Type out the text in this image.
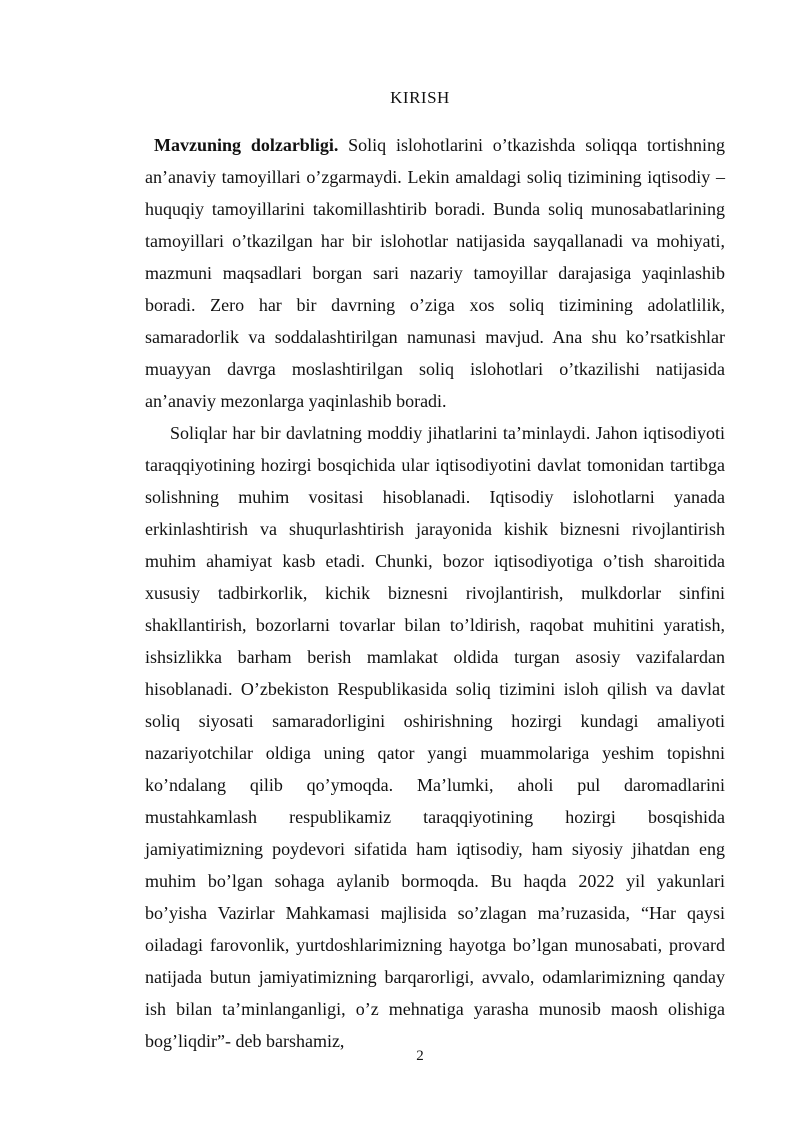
KIRISH

Mavzuning dolzarbligi. Soliq islohotlarini o’tkazishda soliqqa tortishning an’anaviy tamoyillari o’zgarmaydi. Lekin amaldagi soliq tizimining iqtisodiy – huquqiy tamoyillarini takomillashtirib boradi. Bunda soliq munosabatlarining tamoyillari o’tkazilgan har bir islohotlar natijasida sayqallanadi va mohiyati, mazmuni maqsadlari borgan sari nazariy tamoyillar darajasiga yaqinlashib boradi. Zero har bir davrning o’ziga xos soliq tizimining adolatlilik, samaradorlik va soddalashtirilgan namunasi mavjud. Ana shu ko’rsatkishlar muayyan davrga moslashtirilgan soliq islohotlari o’tkazilishi natijasida an’anaviy mezonlarga yaqinlashib boradi.

Soliqlar har bir davlatning moddiy jihatlarini ta’minlaydi. Jahon iqtisodiyoti taraqqiyotining hozirgi bosqichida ular iqtisodiyotini davlat tomonidan tartibga solishning muhim vositasi hisoblanadi. Iqtisodiy islohotlarni yanada erkinlashtirish va shuqurlashtirish jarayonida kishik biznesni rivojlantirish muhim ahamiyat kasb etadi. Chunki, bozor iqtisodiyotiga o’tish sharoitida xususiy tadbirkorlik, kichik biznesni rivojlantirish, mulkdorlar sinfini shakllantirish, bozorlarni tovarlar bilan to’ldirish, raqobat muhitini yaratish, ishsizlikka barham berish mamlakat oldida turgan asosiy vazifalardan hisoblanadi. O’zbekiston Respublikasida soliq tizimini isloh qilish va davlat soliq siyosati samaradorligini oshirishning hozirgi kundagi amaliyoti nazariyotchilar oldiga uning qator yangi muammolariga yeshim topishni ko’ndalang qilib qo’ymoqda. Ma’lumki, aholi pul daromadlarini mustahkamlash respublikamiz taraqqiyotining hozirgi bosqishida jamiyatimizning poydevori sifatida ham iqtisodiy, ham siyosiy jihatdan eng muhim bo’lgan sohaga aylanib bormoqda. Bu haqda 2022 yil yakunlari bo’yisha Vazirlar Mahkamasi majlisida so’zlagan ma’ruzasida, “Har qaysi oiladagi farovonlik, yurtdoshlarimizning hayotga bo’lgan munosabati, provard natijada butun jamiyatimizning barqarorligi, avvalo, odamlarimizning qanday ish bilan ta’minlanganligi, o’z mehnatiga yarasha munosib maosh olishiga bog’liqdir”- deb barshamiz,

2
